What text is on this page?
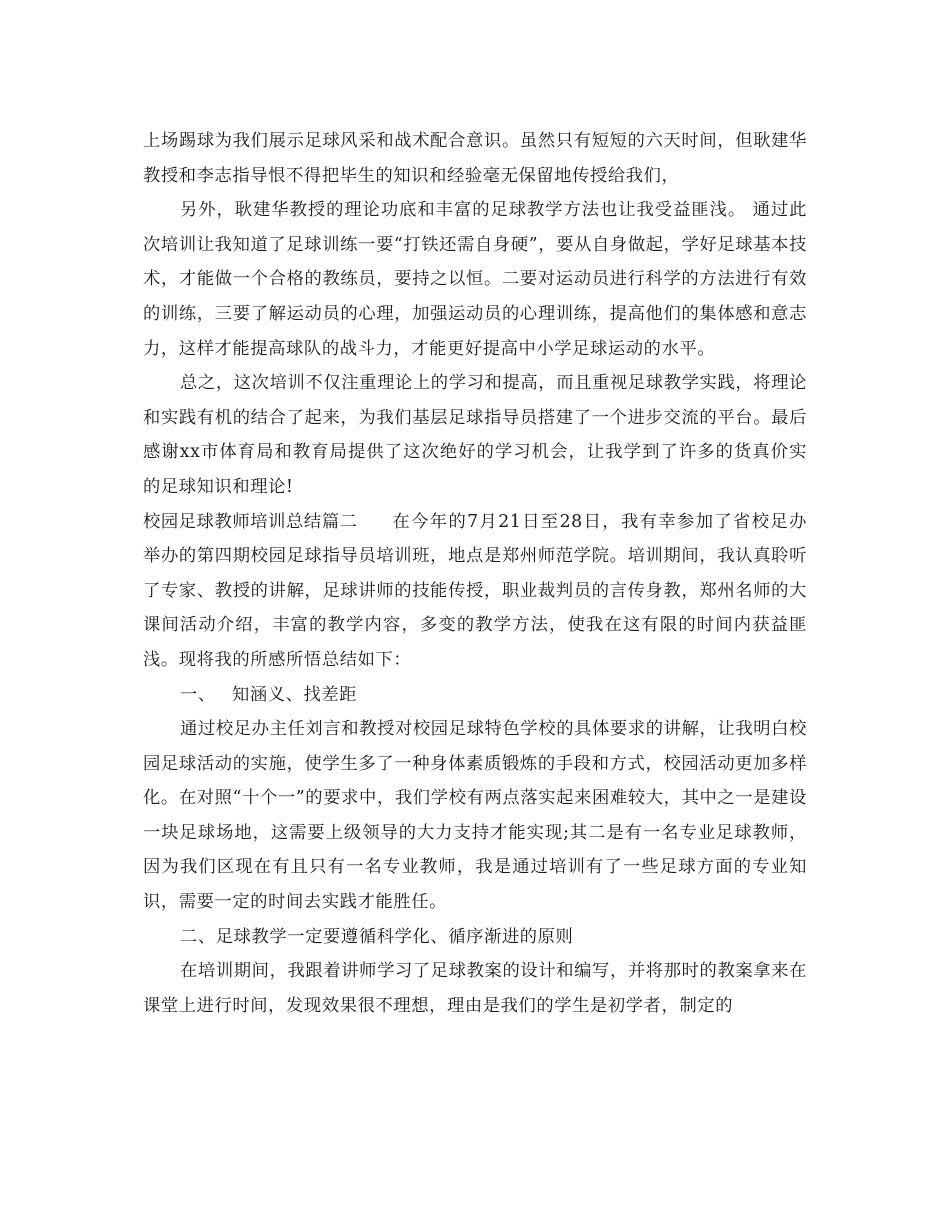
上场踢球为我们展示足球风采和战术配合意识。虽然只有短短的六天时间，但耿建华教授和李志指导恨不得把毕生的知识和经验毫无保留地传授给我们，

另外，耿建华教授的理论功底和丰富的足球教学方法也让我受益匪浅。 通过此次培训让我知道了足球训练一要“打铁还需自身硬”，要从自身做起，学好足球基本技术，才能做一个合格的教练员，要持之以恒。二要对运动员进行科学的方法进行有效的训练，三要了解运动员的心理，加强运动员的心理训练，提高他们的集体感和意志力，这样才能提高球队的战斗力，才能更好提高中小学足球运动的水平。

总之，这次培训不仅注重理论上的学习和提高，而且重视足球教学实践，将理论和实践有机的结合了起来，为我们基层足球指导员搭建了一个进步交流的平台。最后感谢xx市体育局和教育局提供了这次绝好的学习机会，让我学到了许多的货真价实的足球知识和理论!

校园足球教师培训总结篇二 在今年的7月21日至28日，我有幸参加了省校足办举办的第四期校园足球指导员培训班，地点是郑州师范学院。培训期间，我认真聆听了专家、教授的讲解，足球讲师的技能传授，职业裁判员的言传身教，郑州名师的大课间活动介绍，丰富的教学内容，多变的教学方法，使我在这有限的时间内获益匪浅。现将我的所感所悟总结如下：

一、 知涵义、找差距

通过校足办主任刘言和教授对校园足球特色学校的具体要求的讲解，让我明白校园足球活动的实施，使学生多了一种身体素质锻炼的手段和方式，校园活动更加多样化。在对照“十个一”的要求中，我们学校有两点落实起来困难较大，其中之一是建设一块足球场地，这需要上级领导的大力支持才能实现;其二是有一名专业足球教师，因为我们区现在有且只有一名专业教师，我是通过培训有了一些足球方面的专业知识，需要一定的时间去实践才能胜任。

二、足球教学一定要遵循科学化、循序渐进的原则

在培训期间，我跟着讲师学习了足球教案的设计和编写，并将那时的教案拿来在课堂上进行时间，发现效果很不理想，理由是我们的学生是初学者，制定的
